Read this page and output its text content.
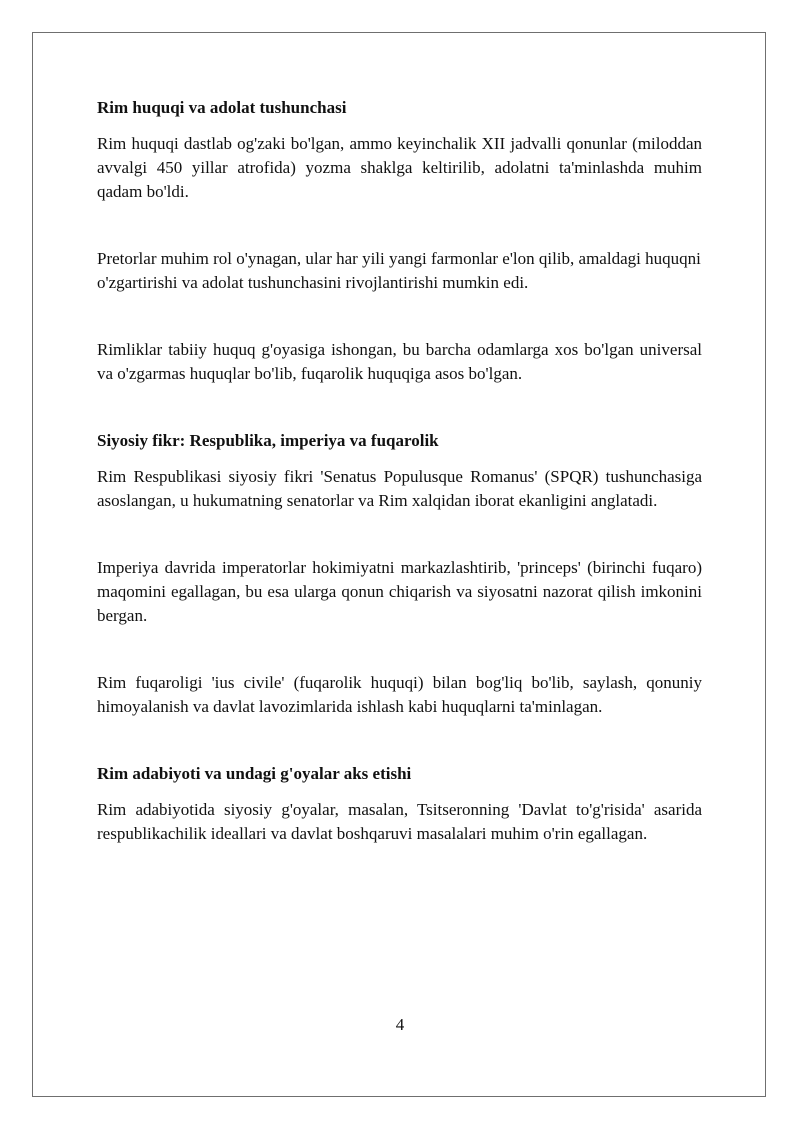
Rim huquqi va adolat tushunchasi

Rim huquqi dastlab og'zaki bo'lgan, ammo keyinchalik XII jadvalli qonunlar (miloddan avvalgi 450 yillar atrofida) yozma shaklga keltirilib, adolatni ta'minlashda muhim qadam bo'ldi.

Pretorlar muhim rol o'ynagan, ular har yili yangi farmonlar e'lon qilib, amaldagi huquqni o'zgartirishi va adolat tushunchasini rivojlantirishi mumkin edi.

Rimliklar tabiiy huquq g'oyasiga ishongan, bu barcha odamlarga xos bo'lgan universal va o'zgarmas huquqlar bo'lib, fuqarolik huquqiga asos bo'lgan.

Siyosiy fikr: Respublika, imperiya va fuqarolik

Rim Respublikasi siyosiy fikri 'Senatus Populusque Romanus' (SPQR) tushunchasiga asoslangan, u hukumatning senatorlar va Rim xalqidan iborat ekanligini anglatadi.

Imperiya davrida imperatorlar hokimiyatni markazlashtirib, 'princeps' (birinchi fuqaro) maqomini egallagan, bu esa ularga qonun chiqarish va siyosatni nazorat qilish imkonini bergan.

Rim fuqaroligi 'ius civile' (fuqarolik huquqi) bilan bog'liq bo'lib, saylash, qonuniy himoyalanish va davlat lavozimlarida ishlash kabi huquqlarni ta'minlagan.

Rim adabiyoti va undagi g'oyalar aks etishi

Rim adabiyotida siyosiy g'oyalar, masalan, Tsitseronning 'Davlat to'g'risida' asarida respublikachilik ideallari va davlat boshqaruvi masalalari muhim o'rin egallagan.

4
